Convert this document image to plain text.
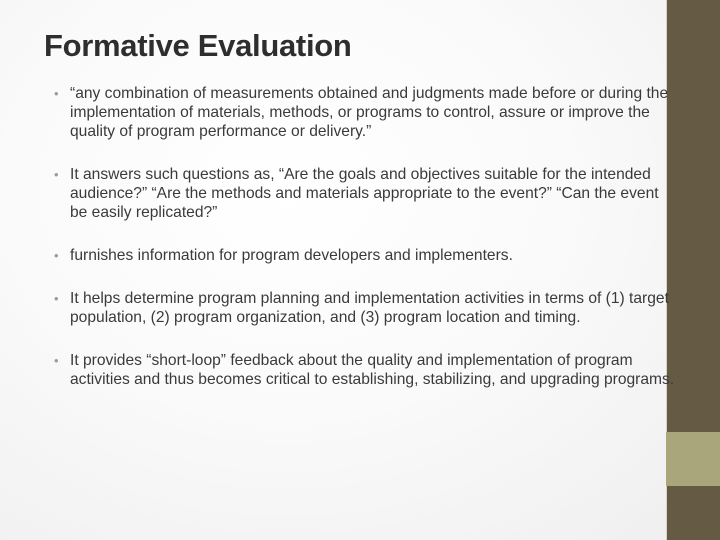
Formative Evaluation
• “any combination of measurements obtained and judgments made before or during the implementation of materials, methods, or programs to control, assure or improve the quality of program performance or delivery.”
• It answers such questions as, “Are the goals and objectives suitable for the intended audience?” “Are the methods and materials appropriate to the event?” “Can the event be easily replicated?”
• furnishes information for program developers and implementers.
• It helps determine program planning and implementation activities in terms of (1) target population, (2) program organization, and (3) program location and timing.
• It provides “short-loop” feedback about the quality and implementation of program activities and thus becomes critical to establishing, stabilizing, and upgrading programs.
